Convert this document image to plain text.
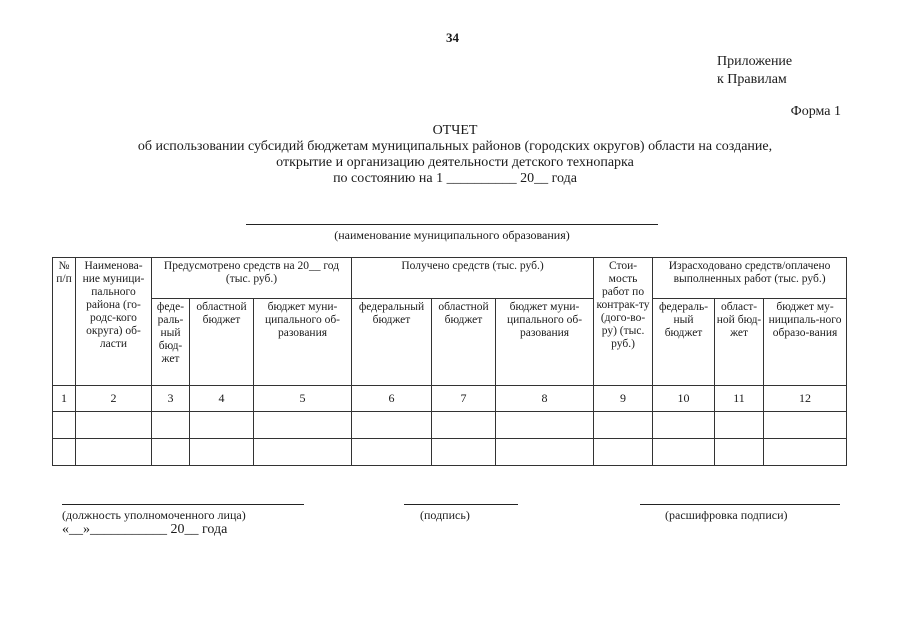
34
Приложение
к Правилам
Форма 1
ОТЧЕТ
об использовании субсидий бюджетам муниципальных районов (городских округов) области на создание,
открытие и организацию деятельности детского технопарка
по состоянию на 1 __________ 20__ года
(наименование муниципального образования)
№ п/п	Наименова-ние муници-пального района (го-родс-кого округа) об-ласти	Предусмотрено средств на 20__ год (тыс. руб.)			Получено средств (тыс. руб.)			Стои-мость работ по контрак-ту (дого-во-ру) (тыс. руб.)	Израсходовано средств/оплачено выполненных работ (тыс. руб.)		
		феде-раль-ный бюд-жет	областной бюджет	бюджет муни-ципального об-разования	федеральный бюджет	областной бюджет	бюджет муни-ципального об-разования		федераль-ный бюджет	област-ной бюд-жет	бюджет му-ниципаль-ного образо-вания
1	2	3	4	5	6	7	8	9	10	11	12

(должность уполномоченного лица)	(подпись)	(расшифровка подписи)
«__»___________ 20__ года
